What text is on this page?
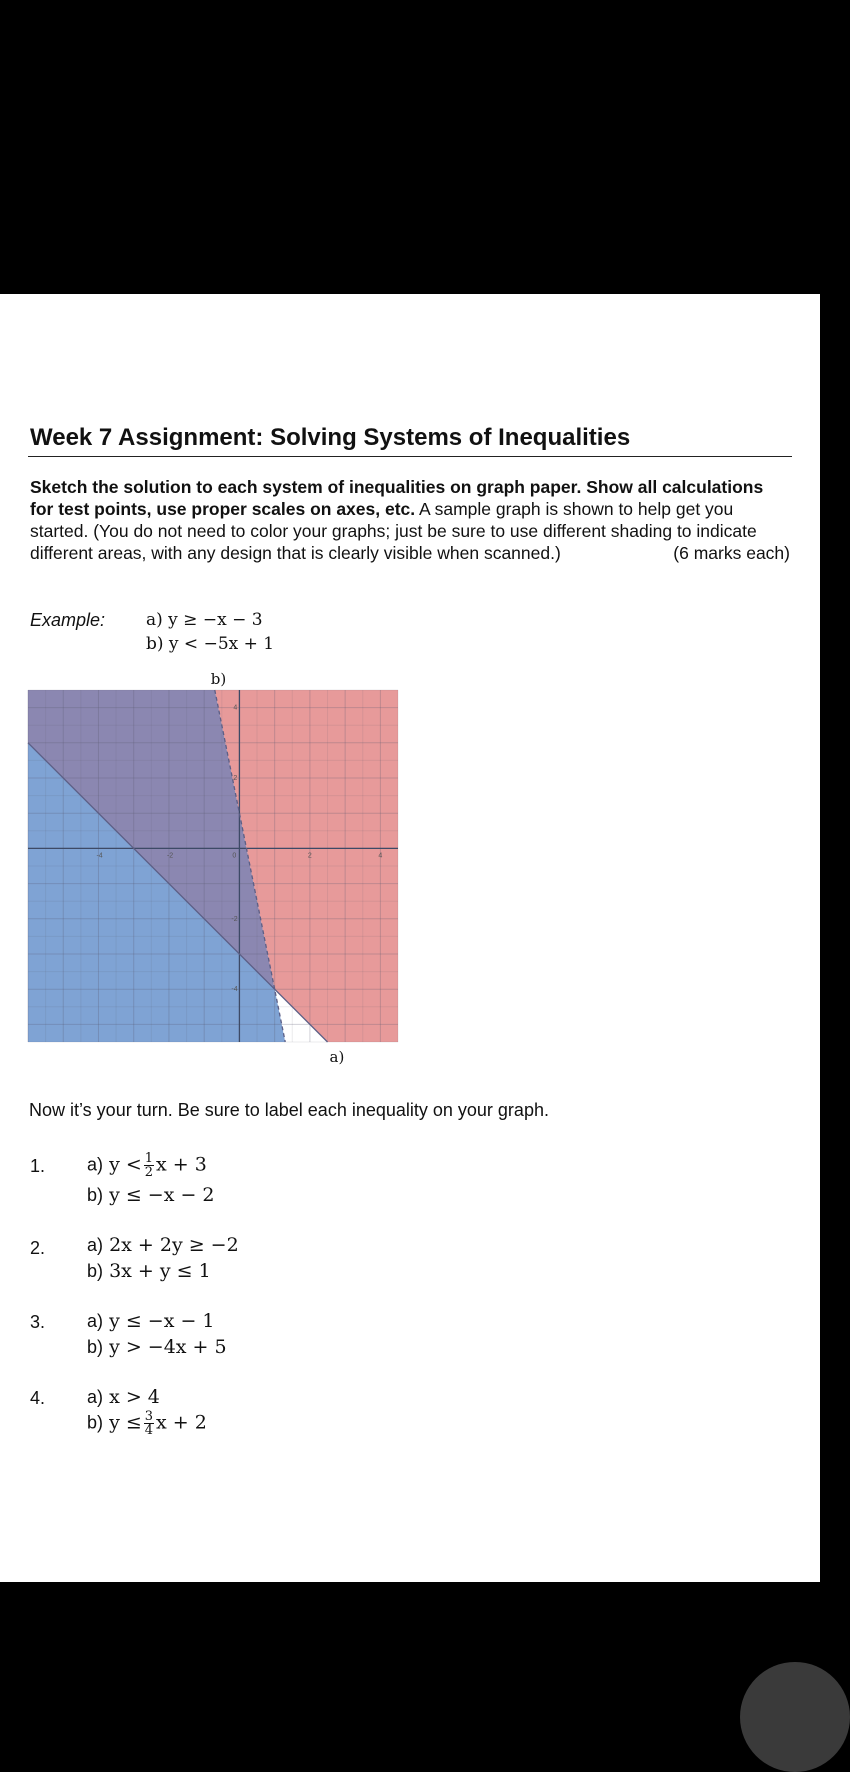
Week 7 Assignment: Solving Systems of Inequalities
Sketch the solution to each system of inequalities on graph paper. Show all calculations for test points, use proper scales on axes, etc. A sample graph is shown to help get you started. (You do not need to color your graphs; just be sure to use different shading to indicate different areas, with any design that is clearly visible when scanned.)	(6 marks each)
Example: a) y ≥ −x − 3
b) y < −5x + 1
-4	-2	0	2	4
4
2
-2
-4
b)
a)
Now it’s your turn. Be sure to label each inequality on your graph.
1. a) $y < \frac{1}{2}$ x + 3
b) y ≤ −x − 2
2. a) 2x + 2y ≥ −2
b) 3x + y ≤ 1
3. a) y ≤ −x − 1
b) y > −4x + 5
4. a) x > 4
b) $y \le \frac{3}{4}$ x + 2
